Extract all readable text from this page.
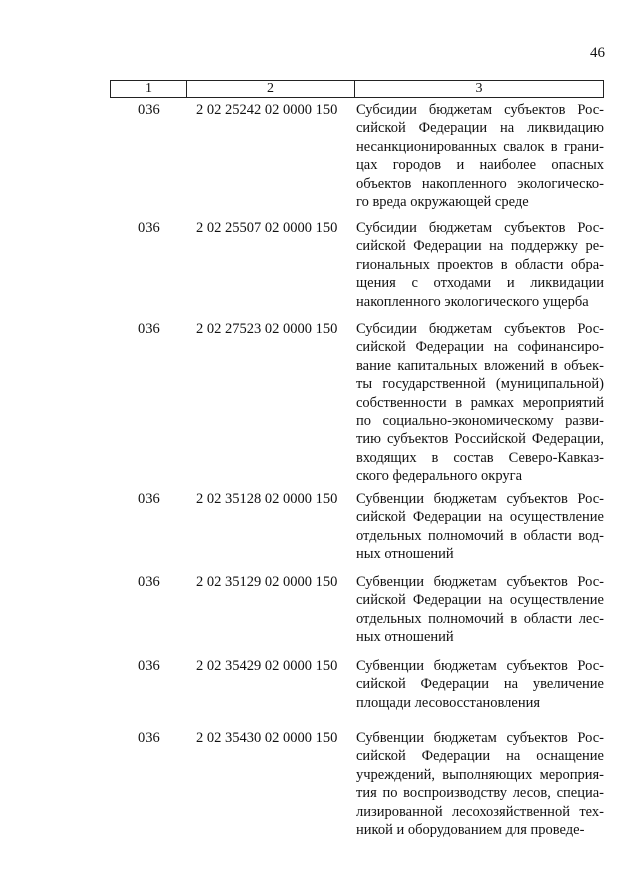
46
1	2	3
036	2 02 25242 02 0000 150 Субсидии бюджетам субъектов Рос-
сийской Федерации на ликвидацию
несанкционированных свалок в грани-
цах городов и наиболее опасных
объектов накопленного экологическо-
го вреда окружающей среде
036	2 02 25507 02 0000 150 Субсидии бюджетам субъектов Рос-
сийской Федерации на поддержку ре-
гиональных проектов в области обра-
щения с отходами и ликвидации
накопленного экологического ущерба
036	2 02 27523 02 0000 150 Субсидии бюджетам субъектов Рос-
сийской Федерации на софинансиро-
вание капитальных вложений в объек-
ты государственной (муниципальной)
собственности в рамках мероприятий
по социально-экономическому разви-
тию субъектов Российской Федерации,
входящих в состав Северо-Кавказ-
ского федерального округа
036	2 02 35128 02 0000 150 Субвенции бюджетам субъектов Рос-
сийской Федерации на осуществление
отдельных полномочий в области вод-
ных отношений
036	2 02 35129 02 0000 150 Субвенции бюджетам субъектов Рос-
сийской Федерации на осуществление
отдельных полномочий в области лес-
ных отношений
036	2 02 35429 02 0000 150 Субвенции бюджетам субъектов Рос-
сийской Федерации на увеличение
площади лесовосстановления
036	2 02 35430 02 0000 150 Субвенции бюджетам субъектов Рос-
сийской Федерации на оснащение
учреждений, выполняющих мероприя-
тия по воспроизводству лесов, специа-
лизированной лесохозяйственной тех-
никой и оборудованием для проведе-
